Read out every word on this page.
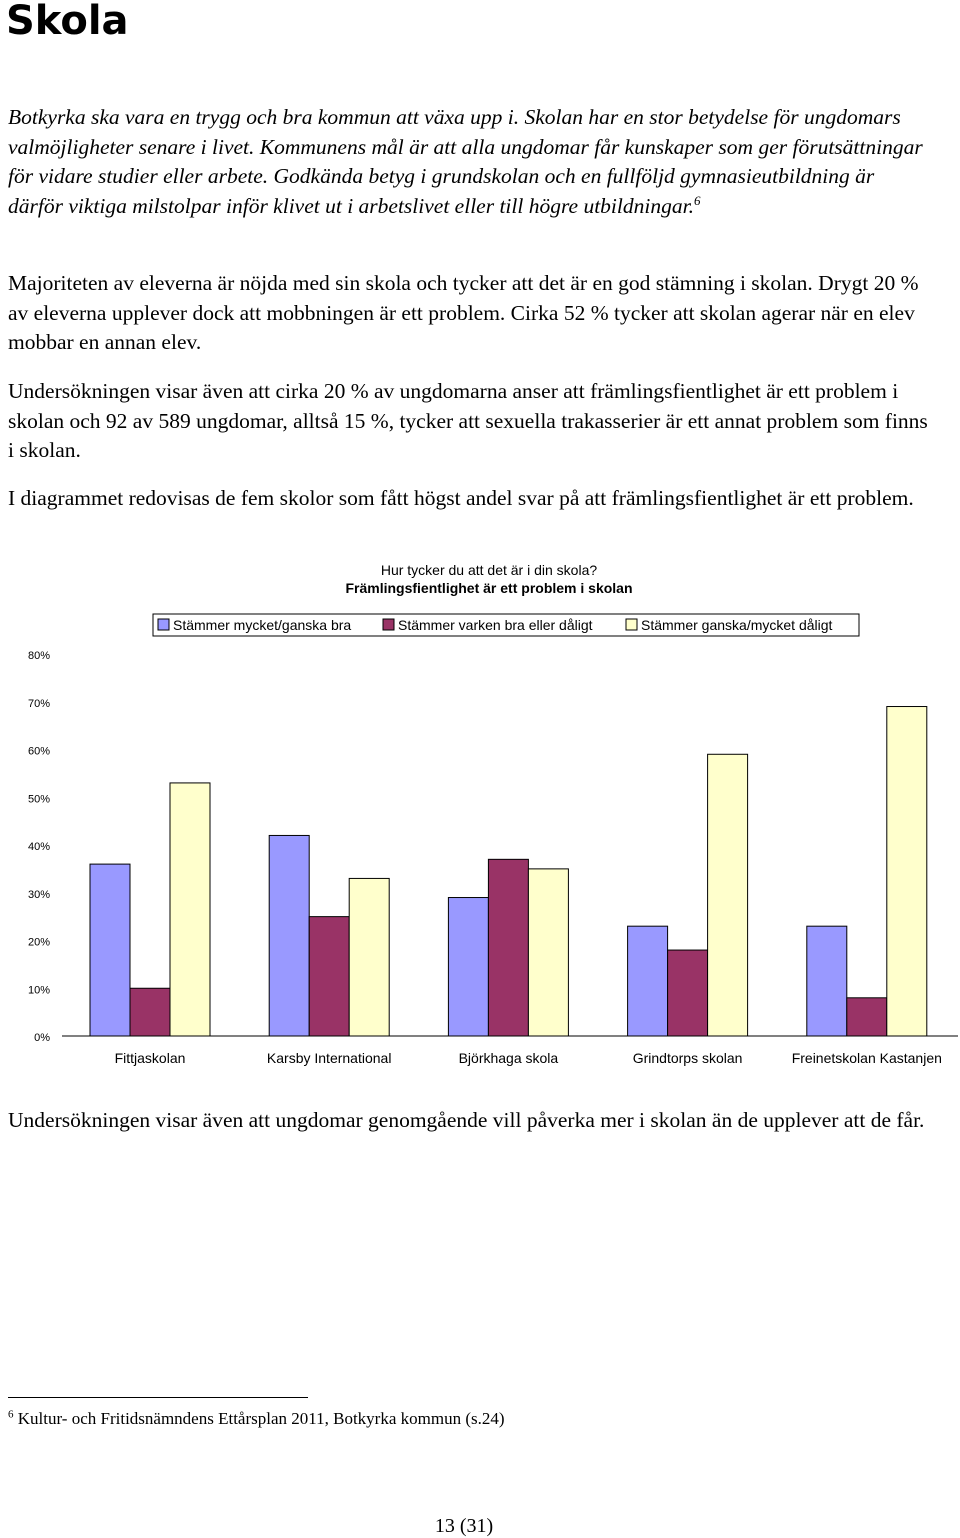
Skola

Botkyrka ska vara en trygg och bra kommun att växa upp i. Skolan har en stor betydelse för ungdomars valmöjligheter senare i livet. Kommunens mål är att alla ungdomar får kunskaper som ger förutsättningar för vidare studier eller arbete. Godkända betyg i grundskolan och en fullföljd gymnasieutbildning är därför viktiga milstolpar inför klivet ut i arbetslivet eller till högre utbildningar.$^6$

Majoriteten av eleverna är nöjda med sin skola och tycker att det är en god stämning i skolan. Drygt 20 % av eleverna upplever dock att mobbningen är ett problem. Cirka 52 % tycker att skolan agerar när en elev mobbar en annan elev.

Undersökningen visar även att cirka 20 % av ungdomarna anser att främlingsfientlighet är ett problem i skolan och 92 av 589 ungdomar, alltså 15 %, tycker att sexuella trakasserier är ett annat problem som finns i skolan.

I diagrammet redovisas de fem skolor som fått högst andel svar på att främlingsfientlighet är ett problem.

Hur tycker du att det är i din skola?
Främlingsfientlighet är ett problem i skolan
Stämmer mycket/ganska bra	Stämmer varken bra eller dåligt	Stämmer ganska/mycket dåligt
0%
10%
20%
30%
40%
50%
60%
70%
80%
Fittjaskolan	Karsby International	Björkhaga skola	Grindtorps skolan	Freinetskolan Kastanjen

Undersökningen visar även att ungdomar genomgående vill påverka mer i skolan än de upplever att de får.

$^6$ Kultur- och Fritidsnämndens Ettårsplan 2011, Botkyrka kommun (s.24)

13 (31)
